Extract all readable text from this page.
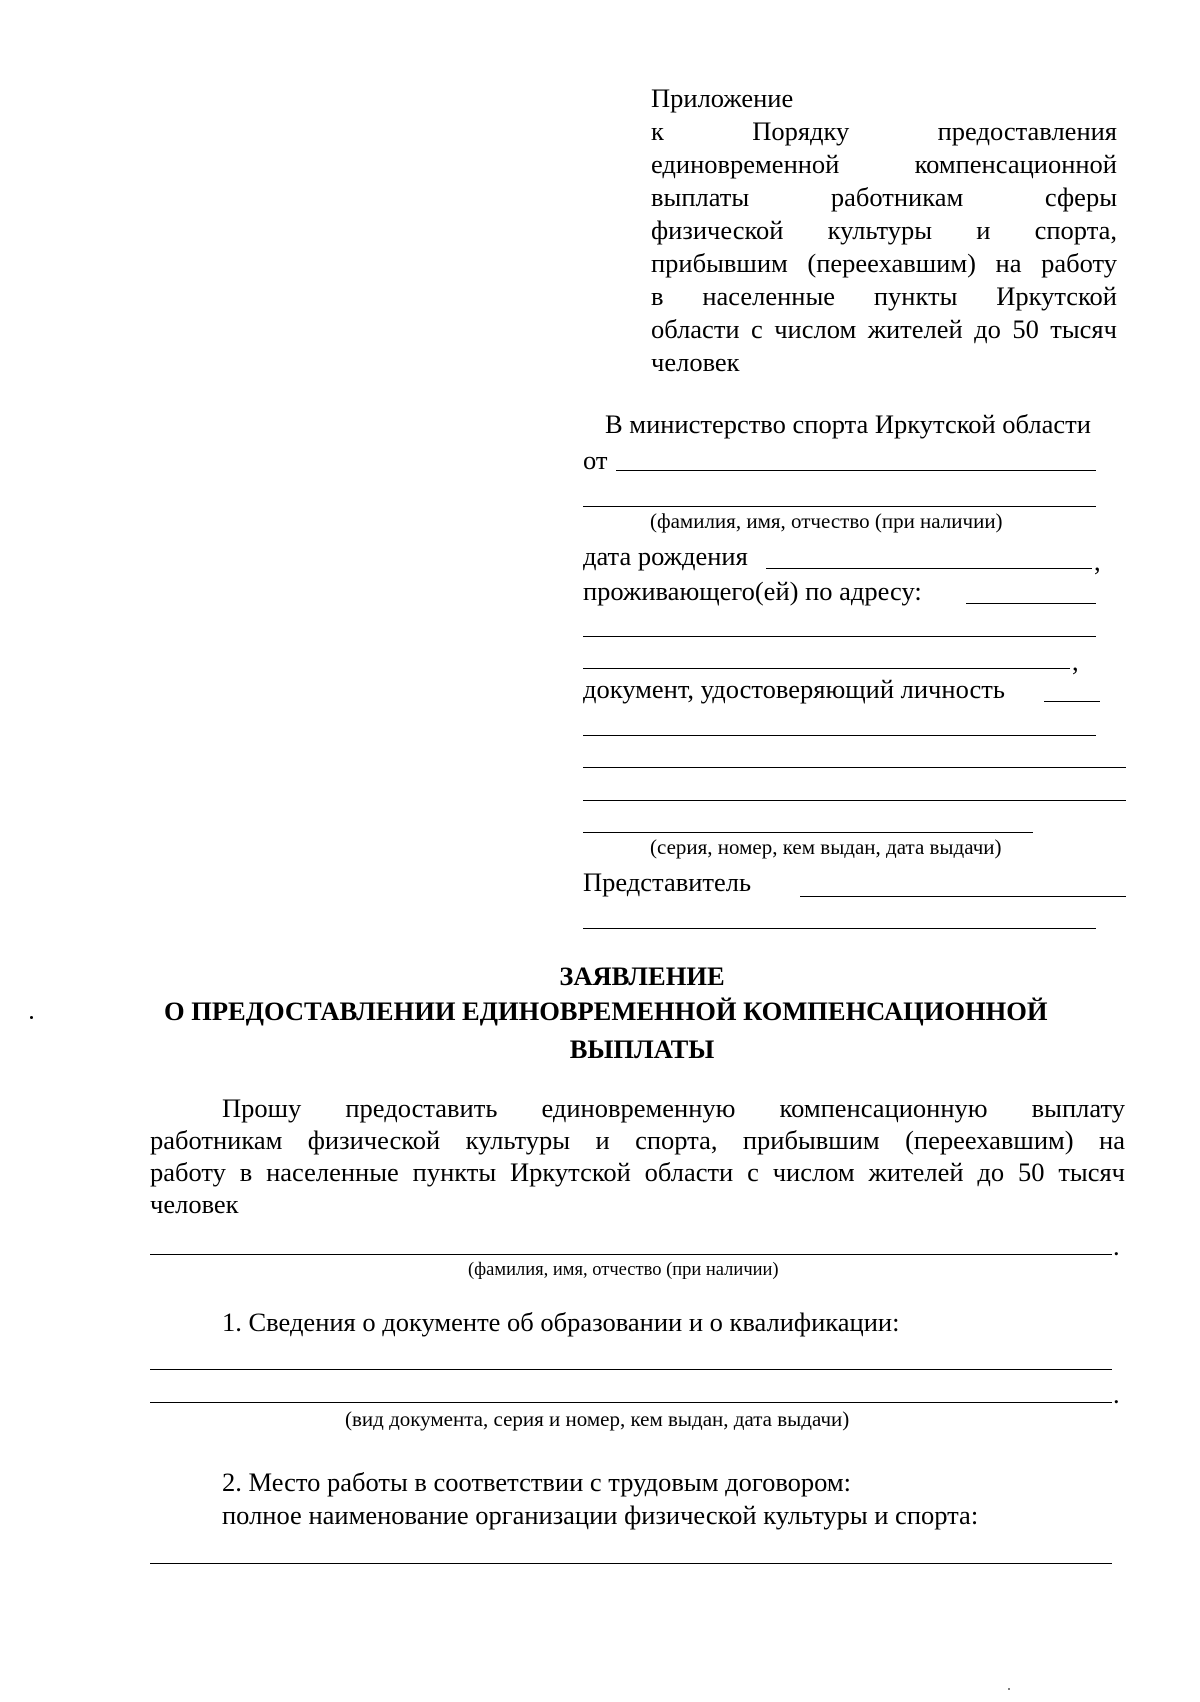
Приложение
к	Порядку	предоставления
единовременной	компенсационной
выплаты	работникам	сферы
физической культуры и спорта,
прибывшим (переехавшим) на работу
в населенные пункты Иркутской
области с числом жителей до 50 тысяч
человек
В министерство спорта Иркутской области
от
(фамилия, имя, отчество (при наличии)
дата рождения	,
проживающего(ей) по адресу:
,
документ, удостоверяющий личность
(серия, номер, кем выдан, дата выдачи)
Представитель
ЗАЯВЛЕНИЕ
О ПРЕДОСТАВЛЕНИИ ЕДИНОВРЕМЕННОЙ КОМПЕНСАЦИОННОЙ
ВЫПЛАТЫ
Прошу предоставить единовременную компенсационную выплату
работникам физической культуры и спорта, прибывшим (переехавшим) на
работу в населенные пункты Иркутской области с числом жителей до 50 тысяч
человек
.
(фамилия, имя, отчество (при наличии)
1. Сведения о документе об образовании и о квалификации:
.
(вид документа, серия и номер, кем выдан, дата выдачи)
2. Место работы в соответствии с трудовым договором:
полное наименование организации физической культуры и спорта:
